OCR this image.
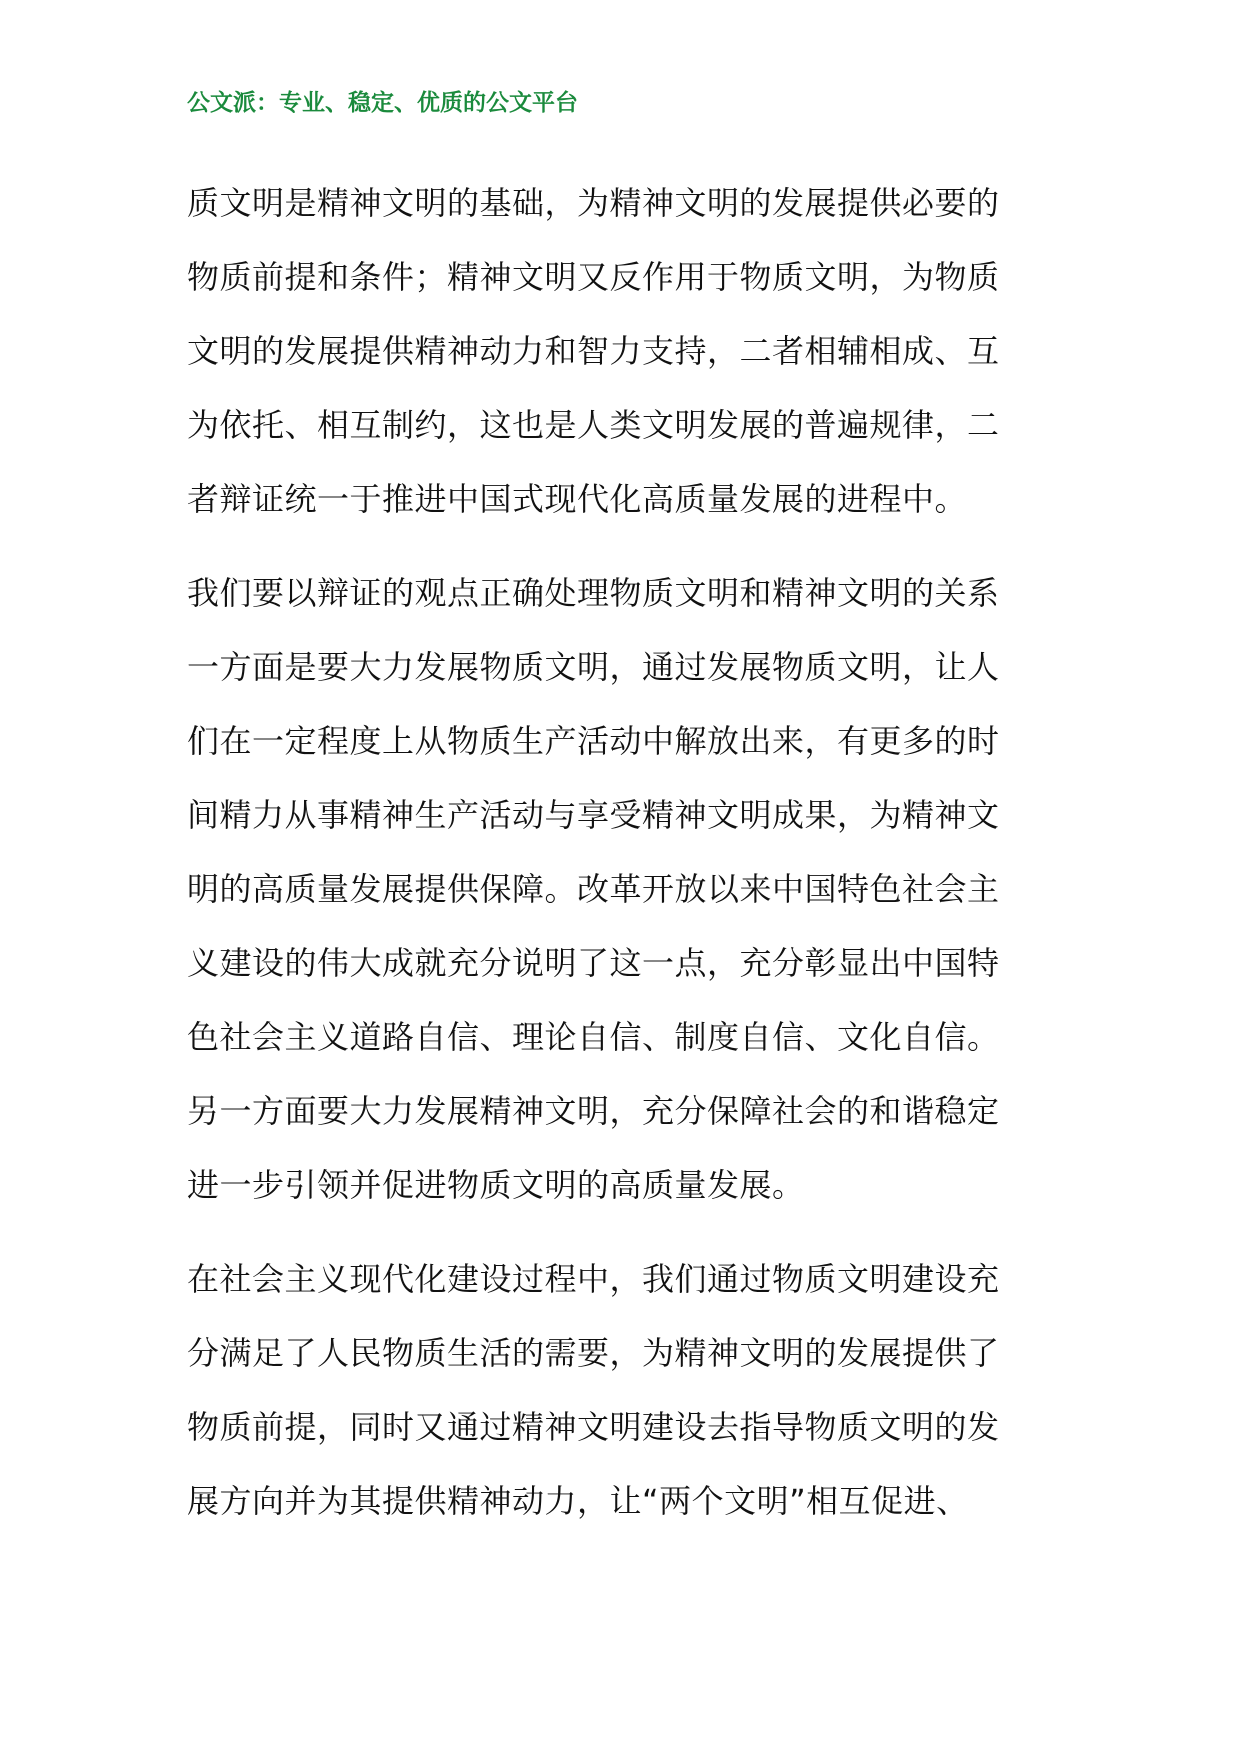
公文派：专业、稳定、优质的公文平台
质文明是精神文明的基础，为精神文明的发展提供必要的
物质前提和条件；精神文明又反作用于物质文明，为物质
文明的发展提供精神动力和智力支持，二者相辅相成、互
为依托、相互制约，这也是人类文明发展的普遍规律，二
者辩证统一于推进中国式现代化高质量发展的进程中。
我们要以辩证的观点正确处理物质文明和精神文明的关系
一方面是要大力发展物质文明，通过发展物质文明，让人
们在一定程度上从物质生产活动中解放出来，有更多的时
间精力从事精神生产活动与享受精神文明成果，为精神文
明的高质量发展提供保障。改革开放以来中国特色社会主
义建设的伟大成就充分说明了这一点，充分彰显出中国特
色社会主义道路自信、理论自信、制度自信、文化自信。
另一方面要大力发展精神文明，充分保障社会的和谐稳定
进一步引领并促进物质文明的高质量发展。
在社会主义现代化建设过程中，我们通过物质文明建设充
分满足了人民物质生活的需要，为精神文明的发展提供了
物质前提，同时又通过精神文明建设去指导物质文明的发
展方向并为其提供精神动力，让“两个文明”相互促进、
